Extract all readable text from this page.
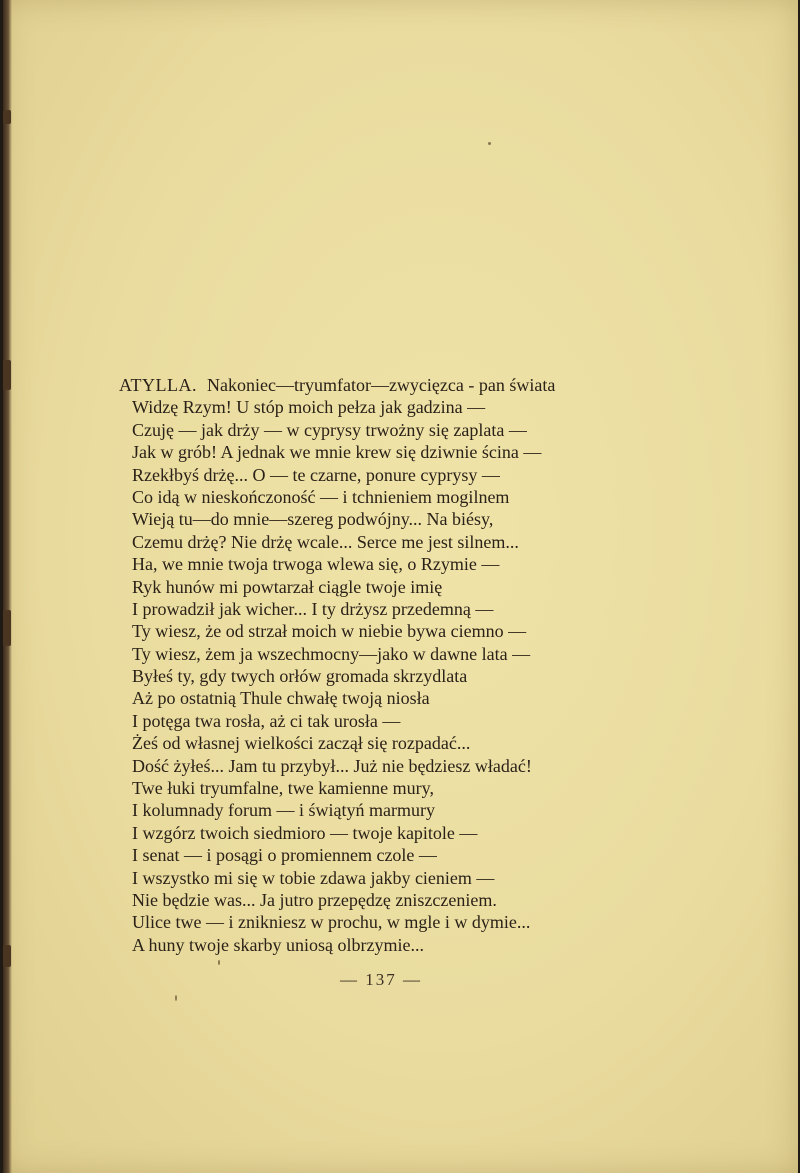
ATYLLA. Nakoniec—tryumfator—zwycięzca - pan świata
Widzę Rzym! U stóp moich pełza jak gadzina —
Czuję — jak drży — w cyprysy trwożny się zaplata —
Jak w grób! A jednak we mnie krew się dziwnie ścina —
Rzekłbyś drżę... O — te czarne, ponure cyprysy —
Co idą w nieskończoność — i tchnieniem mogilnem
Wieją tu—do mnie—szereg podwójny... Na biésy,
Czemu drżę? Nie drżę wcale... Serce me jest silnem...
Ha, we mnie twoja trwoga wlewa się, o Rzymie —
Ryk hunów mi powtarzał ciągle twoje imię
I prowadził jak wicher... I ty drżysz przedemną —
Ty wiesz, że od strzał moich w niebie bywa ciemno —
Ty wiesz, żem ja wszechmocny—jako w dawne lata —
Byłeś ty, gdy twych orłów gromada skrzydlata
Aż po ostatnią Thule chwałę twoją niosła
I potęga twa rosła, aż ci tak urosła —
Żeś od własnej wielkości zaczął się rozpadać...
Dość żyłeś... Jam tu przybył... Już nie będziesz władać!
Twe łuki tryumfalne, twe kamienne mury,
I kolumnady forum — i świątyń marmury
I wzgórz twoich siedmioro — twoje kapitole —
I senat — i posągi o promiennem czole —
I wszystko mi się w tobie zdawa jakby cieniem —
Nie będzie was... Ja jutro przepędzę zniszczeniem.
Ulice twe — i znikniesz w prochu, w mgle i w dymie...
A huny twoje skarby uniosą olbrzymie...
— 137 —
